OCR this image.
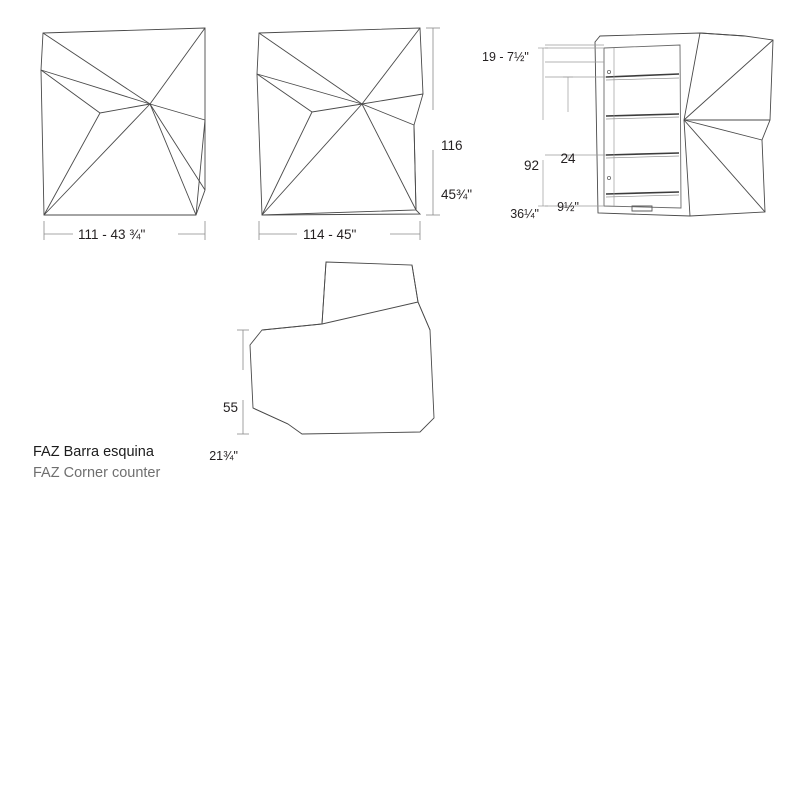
111 - 43 ¾"	114 - 45"

116

45¾"

19 - 7½"

92

36¼"

24

9½"

55

21¾"

FAZ Barra esquina
FAZ Corner counter
